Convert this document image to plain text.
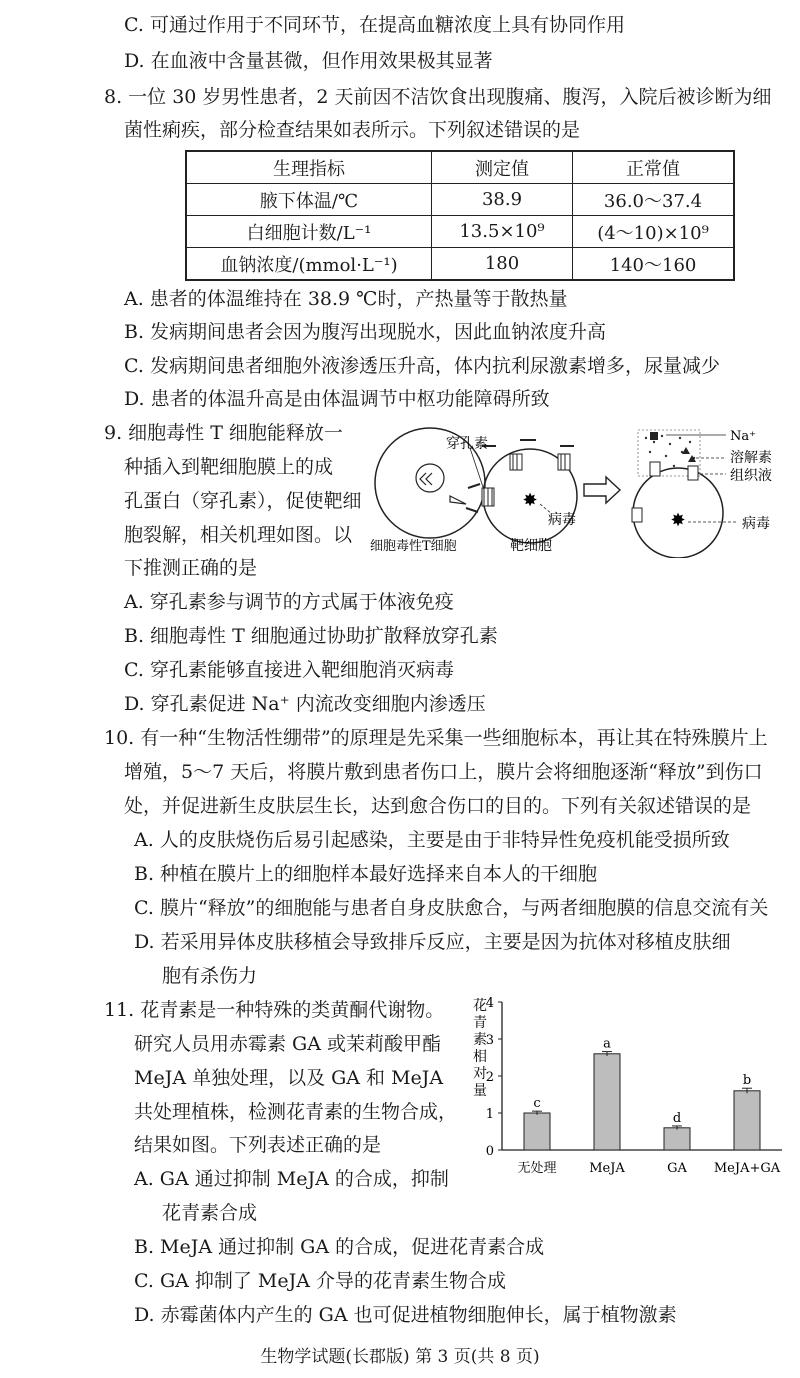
C. 可通过作用于不同环节，在提高血糖浓度上具有协同作用
D. 在血液中含量甚微，但作用效果极其显著
8. 一位 30 岁男性患者，2 天前因不洁饮食出现腹痛、腹泻，入院后被诊断为细
菌性痢疾，部分检查结果如表所示。下列叙述错误的是
生理指标	测定值	正常值
腋下体温/℃	38.9	36.0～37.4
白细胞计数/L⁻¹	13.5×10⁹	(4～10)×10⁹
血钠浓度/(mmol·L⁻¹)	180	140～160
A. 患者的体温维持在 38.9 ℃时，产热量等于散热量
B. 发病期间患者会因为腹泻出现脱水，因此血钠浓度升高
C. 发病期间患者细胞外液渗透压升高，体内抗利尿激素增多，尿量减少
D. 患者的体温升高是由体温调节中枢功能障碍所致
9. 细胞毒性 T 细胞能释放一
种插入到靶细胞膜上的成
孔蛋白（穿孔素），促使靶细
胞裂解，相关机理如图。以
下推测正确的是
✸
穿孔素
病毒
细胞毒性T细胞	靶细胞
✸
Na⁺
溶解素
组织液
病毒
A. 穿孔素参与调节的方式属于体液免疫
B. 细胞毒性 T 细胞通过协助扩散释放穿孔素
C. 穿孔素能够直接进入靶细胞消灭病毒
D. 穿孔素促进 Na⁺ 内流改变细胞内渗透压
10. 有一种“生物活性绷带”的原理是先采集一些细胞标本，再让其在特殊膜片上
增殖，5～7 天后，将膜片敷到患者伤口上，膜片会将细胞逐渐“释放”到伤口
处，并促进新生皮肤层生长，达到愈合伤口的目的。下列有关叙述错误的是
A. 人的皮肤烧伤后易引起感染，主要是由于非特异性免疫机能受损所致
B. 种植在膜片上的细胞样本最好选择来自本人的干细胞
C. 膜片“释放”的细胞能与患者自身皮肤愈合，与两者细胞膜的信息交流有关
D. 若采用异体皮肤移植会导致排斥反应，主要是因为抗体对移植皮肤细
胞有杀伤力
11. 花青素是一种特殊的类黄酮代谢物。
研究人员用赤霉素 GA 或茉莉酸甲酯
MeJA 单独处理，以及 GA 和 MeJA
共处理植株，检测花青素的生物合成，
结果如图。下列表述正确的是
花青素相对量
0
1
2
3
4
c
无处理
a
MeJA
d
GA
b
MeJA+GA
A. GA 通过抑制 MeJA 的合成，抑制
花青素合成
B. MeJA 通过抑制 GA 的合成，促进花青素合成
C. GA 抑制了 MeJA 介导的花青素生物合成
D. 赤霉菌体内产生的 GA 也可促进植物细胞伸长，属于植物激素
生物学试题(长郡版) 第 3 页(共 8 页)
